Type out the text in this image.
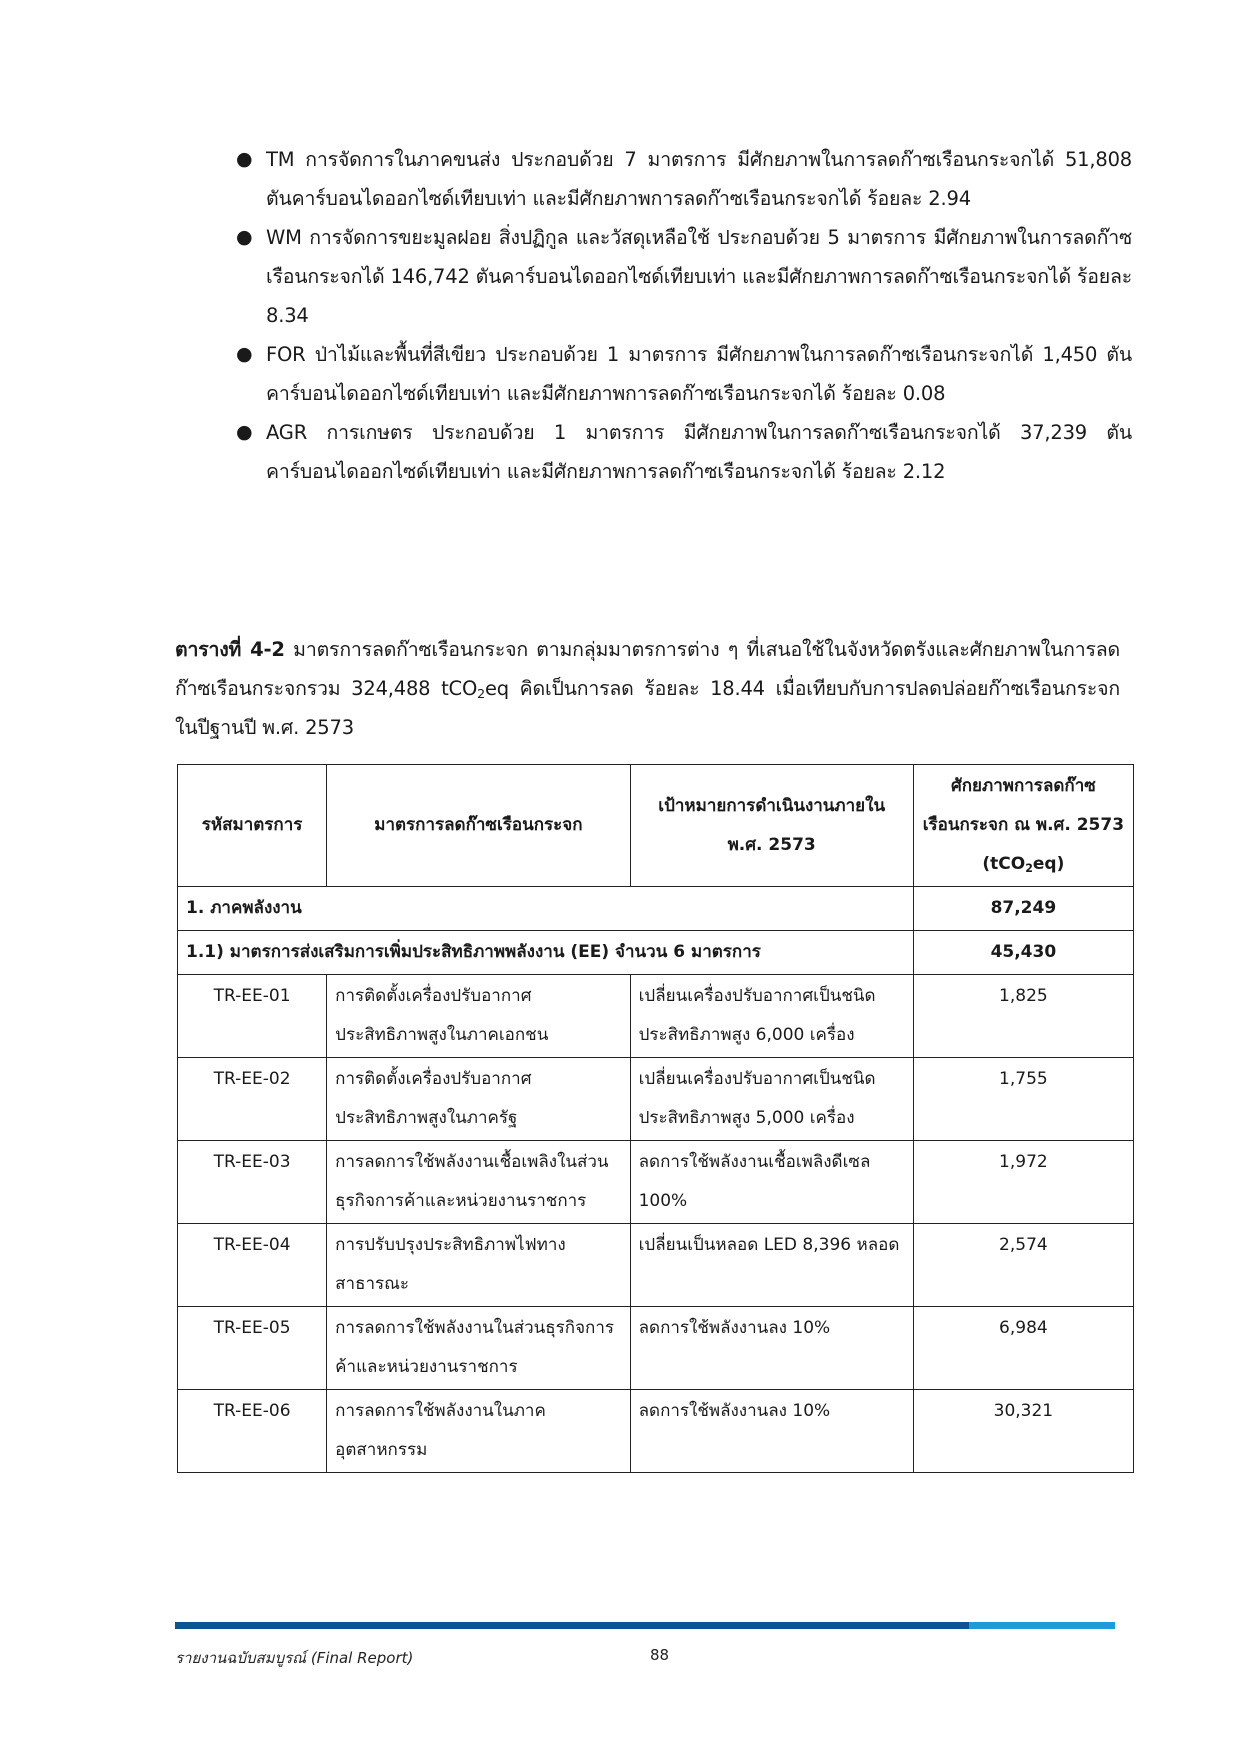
● TM การจัดการในภาคขนส่ง ประกอบด้วย 7 มาตรการ มีศักยภาพในการลดก๊าซเรือนกระจกได้ 51,808 ตันคาร์บอนไดออกไซด์เทียบเท่า และมีศักยภาพการลดก๊าซเรือนกระจกได้ ร้อยละ 2.94
● WM การจัดการขยะมูลฝอย สิ่งปฏิกูล และวัสดุเหลือใช้ ประกอบด้วย 5 มาตรการ มีศักยภาพในการลดก๊าซเรือนกระจกได้ 146,742 ตันคาร์บอนไดออกไซด์เทียบเท่า และมีศักยภาพการลดก๊าซเรือนกระจกได้ ร้อยละ 8.34
● FOR ป่าไม้และพื้นที่สีเขียว ประกอบด้วย 1 มาตรการ มีศักยภาพในการลดก๊าซเรือนกระจกได้ 1,450 ตันคาร์บอนไดออกไซด์เทียบเท่า และมีศักยภาพการลดก๊าซเรือนกระจกได้ ร้อยละ 0.08
● AGR การเกษตร ประกอบด้วย 1 มาตรการ มีศักยภาพในการลดก๊าซเรือนกระจกได้ 37,239 ตันคาร์บอนไดออกไซด์เทียบเท่า และมีศักยภาพการลดก๊าซเรือนกระจกได้ ร้อยละ 2.12
ตารางที่ 4-2 มาตรการลดก๊าซเรือนกระจก ตามกลุ่มมาตรการต่าง ๆ ที่เสนอใช้ในจังหวัดตรังและศักยภาพในการลดก๊าซเรือนกระจกรวม 324,488 tCO$_2$eq คิดเป็นการลด ร้อยละ 18.44 เมื่อเทียบกับการปลดปล่อยก๊าซเรือนกระจก ในปีฐานปี พ.ศ. 2573
รหัสมาตรการ	มาตรการลดก๊าซเรือนกระจก	เป้าหมายการดำเนินงานภายใน พ.ศ. 2573	ศักยภาพการลดก๊าซ
เรือนกระจก ณ พ.ศ. 2573
(tCO$_2$eq)

1. ภาคพลังงาน			87,249
1.1) มาตรการส่งเสริมการเพิ่มประสิทธิภาพพลังงาน (EE) จำนวน 6 มาตรการ			45,430
TR-EE-01	การติดตั้งเครื่องปรับอากาศประสิทธิภาพสูงในภาคเอกชน	เปลี่ยนเครื่องปรับอากาศเป็นชนิดประสิทธิภาพสูง 6,000 เครื่อง	1,825
TR-EE-02	การติดตั้งเครื่องปรับอากาศประสิทธิภาพสูงในภาครัฐ	เปลี่ยนเครื่องปรับอากาศเป็นชนิดประสิทธิภาพสูง 5,000 เครื่อง	1,755
TR-EE-03	การลดการใช้พลังงานเชื้อเพลิงในส่วนธุรกิจการค้าและหน่วยงานราชการ	ลดการใช้พลังงานเชื้อเพลิงดีเซล 100%	1,972
TR-EE-04	การปรับปรุงประสิทธิภาพไฟทางสาธารณะ	เปลี่ยนเป็นหลอด LED 8,396 หลอด	2,574
TR-EE-05	การลดการใช้พลังงานในส่วนธุรกิจการค้าและหน่วยงานราชการ	ลดการใช้พลังงานลง 10%	6,984
TR-EE-06	การลดการใช้พลังงานในภาคอุตสาหกรรม	ลดการใช้พลังงานลง 10%	30,321
รายงานฉบับสมบูรณ์ (Final Report)	88
